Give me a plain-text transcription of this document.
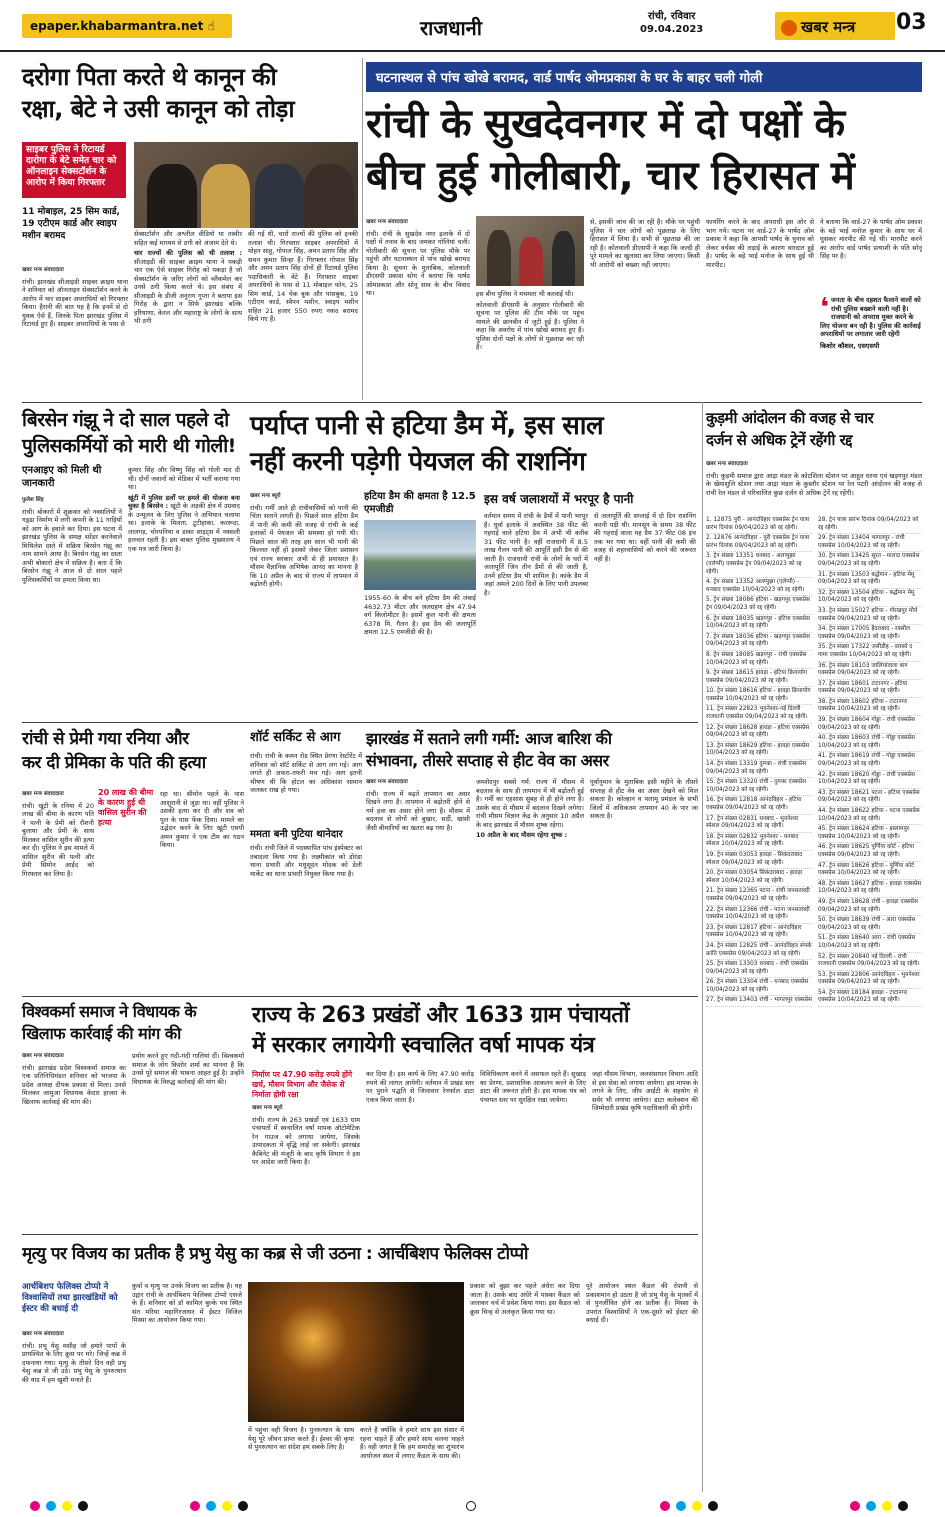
epaper.khabarmantra.net ☝	राजधानी	रांची, रविवार
09.04.2023	खबर मन्त्र	03
दरोगा पिता करते थे कानून की
रक्षा, बेटे ने उसी कानून को तोड़ा
साइबर पुलिस ने रिटायर्ड दारोगा के बेटे समेत चार को ऑनलाइन सेक्सटॉर्शन के आरोप में किया गिरफ्तार
11 मोबाइल, 25 सिम कार्ड, 19 एटीएम कार्ड और स्वाइप मशीन बरामद
खबर मन्त्र संवाददाता

रांची। झारखंड सीआइडी साइबर क्राइम थाना ने शनिवार को ऑनलाइन सेक्सटॉर्शन करने के आरोप में चार साइबर अपराधियों को गिरफ्तार किया। हैरानी की बात यह है कि इनमें से दो युवक ऐसे हैं, जिनके पिता झारखंड पुलिस में रिटायर्ड हुए हैं। साइबर अपराधियों के पास से

सेक्सटॉर्शन और अश्लील वीडियो या तस्वीर सहित कई माध्यम से ठगी को अंजाम देते थे।

चार राज्यों की पुलिस को थी तलाश : सीआइडी की साइबर क्राइम थाना ने पकड़ी चार एक ऐसे साइबर गिरोह को पकड़ा है जो सेक्सटॉर्शन के जरिए लोगों को ब्लैकमेल कर उनसे ठगी किया करते थे। इस संबंध में सीआइडी के डीजी अनुराग गुप्ता ने बताया इस गिरोह के द्वारा न सिर्फ झारखंड बल्कि हरियाणा, केरल और महाराष्ट्र के लोगों के साथ भी ठगी

की गई थी, चारों राज्यों की पुलिस को इनकी तलाश थी। गिरफ्तार साइबर अपराधियों में मोहन साहू, गोपाल सिंह, अमन प्रताप सिंह और सचन कुमार सिन्हा हैं। गिरफ्तार गोपाल सिंह और अमन प्रताप सिंह दोनों ही रिटायर्ड पुलिस पदाधिकारी के बेटे हैं। गिरफ्तार साइबर अपराधियों के पास से 11 मोबाइल फोन, 25 सिम कार्ड, 14 चेक बुक और पासबुक, 19 एटीएम कार्ड, स्वैपन मशीन, स्वाइप मशीन सहित 21 हजार 550 रुपए नकद बरामद किये गए हैं।

घटनास्थल से पांच खोखे बरामद, वार्ड पार्षद ओमप्रकाश के घर के बाहर चली गोली
रांची के सुखदेवनगर में दो पक्षों के
बीच हुई गोलीबारी, चार हिरासत में
खबर मन्त्र संवाददाता

रांची। रांची के सुखदेव नगर इलाके में दो पक्षों में तनाव के बाद जमकर गोलियां चलीं। गोलीबारी की सूचना पर पुलिस मौके पर पहुंची और घटनास्थल से पांच खोखे बरामद किया है। सूचना के मुताबिक, कोतवाली डीएसपी प्रकाश सोय ने बताया कि पार्षद ओमप्रकाश और सोनू साव के बीच विवाद था।	इस बीच पुलिस ने मचमता भी करवाई थी।

कोतवाली डीएसपी के अनुसार गोलीबारी की सूचना पर पुलिस की टीम मौके पर पहुंच मामले की छानबीन में जुटी हुई है। पुलिस ने कहा कि अवरोध में पांच खोखे बरामद हुए हैं। पुलिस दोनों पक्षों के लोगों से पूछताछ कर रही है।

से, इसकी जांच की जा रही है। मौके पर पहुंची पुलिस ने चार लोगों को पूछताछ के लिए हिरासत में लिया है। सभी से पूछताछ की जा रही है। कोतवाली डीएसपी ने कहा कि जल्दी ही पूरे मामले का खुलासा कर लिया जाएगा। किसी भी आरोपी को बख्शा नहीं जाएगा।

फायरिंग करने के बाद अपराधी इस ओर से भाग गये। घटना पर वार्ड-27 के पार्षद ओम प्रकाश ने कहा कि आपसी पार्षद के चुनाव को लेकर वर्चस्व की लड़ाई के कारण वारदात हुई है। पार्षद के बड़े भाई मनोज के साथ हुई थी मारपीट।

ने बताया कि वार्ड-27 के पार्षद ओम प्रकाश के बड़े भाई मनोज कुमार के साथ घर में घुसकर मारपीट की गई थी। मारपीट करने का आरोप वार्ड पार्षद प्रत्याशी के पति सोनू सिंह पर है।

❛ जनता के बीच दहशत फैलाने वालों को रांची पुलिस बख्शने वाली नहीं है। राजधानी को अपराध मुक्त करने के लिए योजना बन रही है। पुलिस की कार्रवाई अपराधियों पर लगातार जारी रहेगी
किशोर कौशल, एसएसपी
बिरसेन गंझू ने दो साल पहले दो
पुलिसकर्मियों को मारी थी गोली!
एनआइए को मिली थी जानकारी
फुलेश सिंह

रांची। बोकारो में शुक्रवार को नक्सलियों ने गड़्ढा निर्माण में लगी कंपनी के 11 गाड़ियों को आग के हवाले कर दिया। इस घटना में झारखंड पुलिस के समक्ष सरेंडर करनेवाले मिथिलेश दस्ते में सक्रिय बिरसेन गंझू का नाम सामने आया है। बिरसेन गंझू का दस्ता अभी बोकारो क्षेत्र में सक्रिय है। बता दें कि बिरसेन गंझू ने आज से दो साल पहले पुलिसकर्मियों पर हमला किया था।

कुमार सिंह और विष्णु सिंह को गोली मार दी थी। दोनों जवानों को मेडिका में भर्ती कराया गया था।

खूंटी में पुलिस डर्लों पर हमले की योजना बना चुका है बिरसेन : खूंटी के अड़की क्षेत्र में उग्रवाद के उन्मूलन के लिए पुलिस ने अभियान चलाया था। इलाके के मिलता, टुटीहाका, कररूदा, लालगड़, चोरपनिया व डाका साइट्स में नक्सली हलचल रहती है। इस बाबत पुलिस मुख्यालय ने एक पत्र जारी किया है।

पर्याप्त पानी से हटिया डैम में, इस साल
नहीं करनी पड़ेगी पेयजल की राशनिंग
खबर मन्त्र ब्यूरो

रांची। गर्मी आते ही रांचीवासियों को पानी की चिंता सताने लगती है। पिछले साल हटिया डैम में पानी की कमी की वजह से रांची के कई इलाकों में पेयजल की समस्या हो गयी थी। पिछले साल की तरह इस साल भी पानी की किल्लत नहीं हो इसको लेकर जिला प्रशासन एवं राज्य सरकार अभी से ही प्रयासरत है। मौसम वैज्ञानिक अभिषेक आनंद का मानना है कि 10 अप्रैल के बाद से राज्य में तापमान में बढ़ोतरी होगी।

हटिया डैम की क्षमता है 12.5 एमजीडी

1955-60 के बीच बने हटिया डैम की लंबाई 4632.73 मीटर और जलग्रहण क्षेत्र 47.94 वर्ग किलोमीटर है। इसमें कुल पानी की क्षमता 6378 मि. गैलन है। इस डैम की जलापूर्ति क्षमता 12.5 एमजीडी की है।

इस वर्ष जलाशयों में भरपूर है पानी

वर्तमान समय में रांची के डैमों में पानी भरपूर है। धुर्वा इलाके में अवस्थित 38 फीट की गहराई वाले हटिया डैम में अभी भी करीब 31 फीट पानी है। वहीं राजधानी में 8.5 लाख गैलन पानी की आपूर्ति इसी डैम से की जाती है। राजधानी रांची के लोगों के घरों में जलापूर्ति जिन तीन डैमों से की जाती है, उनमें हटिया डैम भी शामिल है। कांके डैम में जहां अमले 200 दिनों के लिए पानी उपलब्ध है।

से जलापूर्ति की सप्लाई में दो दिन राशनिंग करनी पड़ी थी। मानसून के समय 38 फीट की गहराई वाला यह डैम 37 फीट 08 इंच तक भर गया था। वहीं पानी की कमी की वजह से शहरवासियों को करने की जरूरत नहीं है।

रांची से प्रेमी गया रनिया और
कर दी प्रेमिका के पति की हत्या
20 लाख की बीमा के कारण हुई थी वासिल सुरीन की हत्या
खबर मन्त्र संवाददाता

रांची। खूंटी के रनिया में 20 लाख की बीमा के कारण पति ने पत्नी के प्रेमी को रौशनी बुलाया और प्रेमी के साथ मिलकर वासिल सुरीन की हत्या कर दी। पुलिस ने इस मामले में वासिल सुरीन की पत्नी और प्रेमी सिमोन आईंद को गिरफ्तार कर लिया है।

रहा था। सीमोन पहले के पास आशुरानी से जुड़ा था। वहीं पुलिस ने उसकी हत्या कर दी और शव को पुल के पास फेंक दिया। मामले का उद्भेदन करने के लिए खूंटी एसपी अमन कुमार ने एक टीम का गठन किया।

शॉर्ट सर्किट से आग

रांची। रांची के कमन रोड स्थित प्रेरणा रेस्टोरेंट में शनिवार को शॉर्ट सर्किट से आग लग गई। आग लगते ही अफरा-तफरी मच गई। आग इतनी भीषण थी कि होटल का अधिकांश सामान जलकर राख हो गया।

ममता बनी पुटिया थानेदार

रांची। रांची जिले में पदस्थापित पांच इंस्पेक्टर का तबादला किया गया है। लक्ष्मीकांत को डोरंडा थाना प्रभारी और मधुसूदन मोदक को डेली मार्केट का थाना प्रभारी नियुक्त किया गया है।

झारखंड में सताने लगी गर्मी: आज बारिश की
संभावना, तीसरे सप्ताह से हीट वेव का असर
खबर मन्त्र संवाददाता

रांची। राज्य में बढ़ते तापमान का असर दिखने लगा है। तापमान में बढ़ोतरी होने से गर्म हवा का असर होने लगा है। मौसम में बदलाव से लोगों को बुखार, सर्दी, खांसी जैसी बीमारियों का खतरा बढ़ गया है।

जमशेदपुर सबसे गर्म: राज्य में मौसम में बदलाव के साथ ही तापमान में भी बढ़ोतरी हुई है। गर्मी का एहसास सुबह से ही होने लगा है। उसके बाद से मौसम में बदलाव दिखने लगेगा। रांची मौसम विज्ञान केंद्र के अनुसार 10 अप्रैल के बाद झारखंड में मौसम शुष्क रहेगा।

10 अप्रैल के बाद मौसम रहेगा शुष्क :

पूर्वानुमान के मुताबिक इसी महीने के तीसरे सप्ताह से हीट वेव का असर देखने को मिल सकता है। कोल्हान व पलामू प्रमंडल के सभी जिलों में अधिकतम तापमान 40 के पार जा सकता है।

कुड़मी आंदोलन की वजह से चार
दर्जन से अधिक ट्रेनें रहेंगी रद्द
खबर मन्त्र संवाददाता

रांची। कुड़मी समाज द्वारा आद्रा मंडल के कोटशिला स्टेशन पर आहूत धरना एवं खड़गपुर मंडल के खेमाशुलि स्टेशन तथा आद्रा मंडल के कुस्तौर स्टेशन पर रेल पटरी आंदोलन की वजह से रांची रेल मंडल से परिचालित कुछ दर्जन से अधिक ट्रेनें रद्द रहेंगी।

1. 12875 पुरी - आनंदविहार एक्सप्रेस ट्रेन यात्रा प्रारंभ दिनांक 09/04/2023 को रद्द रहेगी।
2. 12876 आनंदविहार - पुरी एक्सप्रेस ट्रेन यात्रा प्रारंभ दिनांक 09/04/2023 को रद्द रहेगी।
3. ट्रेन संख्या 13351 धनबाद - अलप्पुझा (एलेप्पी) एक्सप्रेस ट्रेन 09/04/2023 को रद्द रहेगी।
4. ट्रेन संख्या 13352 अलप्पुझा (एलेप्पी) - धनबाद एक्सप्रेस 10/04/2023 को रद्द रहेगी।
5. ट्रेन संख्या 18086 हटिया - खड़गपुर एक्सप्रेस ट्रेन 09/04/2023 को रद्द रहेगी।
6. ट्रेन संख्या 18035 खड़गपुर - हटिया एक्सप्रेस 10/04/2023 को रद्द रहेगी।
7. ट्रेन संख्या 18036 हटिया - खड़गपुर एक्सप्रेस 09/04/2023 को रद्द रहेगी।
8. ट्रेन संख्या 18085 खड़गपुर - रांची एक्सप्रेस 10/04/2023 को रद्द रहेगी।
9. ट्रेन संख्या 18615 हावड़ा - हटिया क्रियायोग एक्सप्रेस 09/04/2023 को रद्द रहेगी।
10. ट्रेन संख्या 18616 हटिया - हावड़ा क्रियायोग एक्सप्रेस 10/04/2023 को रद्द रहेगी।
11. ट्रेन संख्या 22823 भुवनेश्वर-नई दिल्ली राजधानी एक्सप्रेस 09/04/2023 को रद्द रहेगी।
12. ट्रेन संख्या 18628 हावड़ा - हटिया एक्सप्रेस 09/04/2023 को रद्द रहेगी।
13. ट्रेन संख्या 18629 हटिया - हावड़ा एक्सप्रेस 10/04/2023 को रद्द रहेगी।
14. ट्रेन संख्या 13319 दुमका - रांची एक्सप्रेस 09/04/2023 को रद्द रहेगी।
15. ट्रेन संख्या 13320 रांची - दुमका एक्सप्रेस 10/04/2023 को रद्द रहेगी।
16. ट्रेन संख्या 12818 आनंदविहार - हटिया एक्सप्रेस 09/04/2023 को रद्द रहेगी।
17. ट्रेन संख्या 02831 धनबाद - भुवनेश्वर स्पेशल 09/04/2023 को रद्द रहेगी।
18. ट्रेन संख्या 02832 भुवनेश्वर - धनबाद स्पेशल 10/04/2023 को रद्द रहेगी।
19. ट्रेन संख्या 03053 हावड़ा - सिकंदराबाद स्पेशल 09/04/2023 को रद्द रहेगी।
20. ट्रेन संख्या 03054 सिकंदराबाद - हावड़ा स्पेशल 10/04/2023 को रद्द रहेगी।
21. ट्रेन संख्या 12365 पटना - रांची जनशताब्दी एक्सप्रेस 09/04/2023 को रद्द रहेगी।
22. ट्रेन संख्या 12366 रांची - पटना जनशताब्दी एक्सप्रेस 10/04/2023 को रद्द रहेगी।
23. ट्रेन संख्या 12817 हटिया - आनंदविहार एक्सप्रेस 10/04/2023 को रद्द रहेगी।
24. ट्रेन संख्या 12825 रांची - आनंदविहार संपर्क क्रांति एक्सप्रेस 09/04/2023 को रद्द रहेगी।
25. ट्रेन संख्या 13303 धनबाद - रांची एक्सप्रेस 09/04/2023 को रद्द रहेगी।
26. ट्रेन संख्या 13304 रांची - धनबाद एक्सप्रेस 10/04/2023 को रद्द रहेगी।
27. ट्रेन संख्या 13403 रांची - भागलपुर एक्सप्रेस
28. ट्रेन यात्रा प्रारंभ दिनांक 09/04/2023 को रद्द रहेगी।
29. ट्रेन संख्या 13404 भागलपुर - रांची एक्सप्रेस 10/04/2023 को रद्द रहेगी।
30. ट्रेन संख्या 13425 सूरत - मालदा एक्सप्रेस 09/04/2023 को रद्द रहेगी।
31. ट्रेन संख्या 13503 बर्द्धमान - हटिया मेमू 09/04/2023 को रद्द रहेगी।
32. ट्रेन संख्या 13504 हटिया - बर्द्धमान मेमू 10/04/2023 को रद्द रहेगी।
33. ट्रेन संख्या 15027 हटिया - गोरखपुर मौर्य एक्सप्रेस 09/04/2023 को रद्द रहेगी।
34. ट्रेन संख्या 17005 हैदराबाद - रक्सौल एक्सप्रेस 09/04/2023 को रद्द रहेगी।
35. ट्रेन संख्या 17322 जसीडीह - वास्को द गामा एक्सप्रेस 10/04/2023 को रद्द रहेगी।
36. ट्रेन संख्या 18103 जालियांवाला बाग एक्सप्रेस 09/04/2023 को रद्द रहेगी।
37. ट्रेन संख्या 18601 टाटानगर - हटिया एक्सप्रेस 09/04/2023 को रद्द रहेगी।
38. ट्रेन संख्या 18602 हटिया - टाटानगर एक्सप्रेस 10/04/2023 को रद्द रहेगी।
39. ट्रेन संख्या 18604 गोड्डा - रांची एक्सप्रेस 09/04/2023 को रद्द रहेगी।
40. ट्रेन संख्या 18603 रांची - गोड्डा एक्सप्रेस 10/04/2023 को रद्द रहेगी।
41. ट्रेन संख्या 18619 रांची - गोड्डा एक्सप्रेस 09/04/2023 को रद्द रहेगी।
42. ट्रेन संख्या 18620 गोड्डा - रांची एक्सप्रेस 10/04/2023 को रद्द रहेगी।
43. ट्रेन संख्या 18621 पटना - हटिया एक्सप्रेस 09/04/2023 को रद्द रहेगी।
44. ट्रेन संख्या 18622 हटिया - पटना एक्सप्रेस 10/04/2023 को रद्द रहेगी।
45. ट्रेन संख्या 18624 हटिया - इस्लामपुर एक्सप्रेस 10/04/2023 को रद्द रहेगी।
46. ट्रेन संख्या 18625 पूर्णिया कोर्ट - हटिया एक्सप्रेस 09/04/2023 को रद्द रहेगी।
47. ट्रेन संख्या 18626 हटिया - पूर्णिया कोर्ट एक्सप्रेस 10/04/2023 को रद्द रहेगी।
48. ट्रेन संख्या 18627 हटिया - हावड़ा एक्सप्रेस 10/04/2023 को रद्द रहेगी।
49. ट्रेन संख्या 18628 रांची - हावड़ा एक्सप्रेस 09/04/2023 को रद्द रहेगी।
50. ट्रेन संख्या 18639 रांची - आरा एक्सप्रेस 09/04/2023 को रद्द रहेगी।
51. ट्रेन संख्या 18640 आरा - रांची एक्सप्रेस 10/04/2023 को रद्द रहेगी।
52. ट्रेन संख्या 20840 नई दिल्ली - रांची राजधानी एक्सप्रेस 09/04/2023 को रद्द रहेगी।
53. ट्रेन संख्या 22806 आनंदविहार - भुवनेश्वर एक्सप्रेस 09/04/2023 को रद्द रहेगी।
54. ट्रेन संख्या 18184 हावड़ा - टाटानगर एक्सप्रेस 10/04/2023 को रद्द रहेगी।
विश्वकर्मा समाज ने विधायक के
खिलाफ कार्रवाई की मांग की
खबर मन्त्र संवाददाता

रांची। झारखंड प्रदेश विश्वकर्मा समाज का एक प्रतिनिधिमंडल शनिवार को भाजपा के प्रदेश अध्यक्ष दीपक प्रकाश से मिला। उनसे मिलकर जामुआ विधायक केदार हाजरा के खिलाफ कार्रवाई की मांग की।

प्रयोग करने हुए गंदी-गंदी गालियां दीं। विश्वकर्मा समाज के लोग किशोर शर्मा का मानना है कि उनसे पूरे समाज की भावना आहत हुई है। उन्होंने विधायक के विरुद्ध कार्रवाई की मांग की।

राज्य के 263 प्रखंडों और 1633 ग्राम पंचायतों
में सरकार लगायेगी स्वचालित वर्षा मापक यंत्र
निर्माण पर 47.90 करोड़ रुपये होंगे खर्च, मौसम विभाग और जैसेक से निर्माता होगी रक्षा
खबर मन्त्र ब्यूरो

रांची। राज्य के 263 प्रखंडों एवं 1633 ग्राम पंचायतों में स्वचालित वर्षा मापक ऑटोमेटिक रेन गाउज को लगाया जायेगा, जिसके उत्पादकता में वृद्धि लाई जा सकेगी। झारखंड कैबिनेट की मंजूरी के बाद कृषि विभाग ने इस पर आदेश जारी किया है।

कर दिया है। इस कार्य के लिए 47.90 करोड़ रुपये की लागत आयेगी। वर्तमान में प्रखंड स्तर पर पुराने पद्धति से जिलावार रेनफॉल डाटा एकत्र किया जाता है।

विविधिकरण करने में असफल रहते हैं। सुखाड़ का प्रेरणा, प्रशासनिक आकलन करने के लिए डाटा की जरूरत होती है। इस मापक यंत्र को पंचायत स्तर पर सुरक्षित रखा जायेगा।

जहां मौसम विभाग, जलसंसाधन विभाग आदि से इस सेवा को लगाया जायेगा। इस मापक के लगने के लिए, जीप आईटी के सहयोग से सर्वर भी लगाया जायेगा। डाटा कलेक्शन की जिम्मेदारी प्रखंड कृषि पदाधिकारी की होगी।

मृत्यु पर विजय का प्रतीक है प्रभु येसु का कब्र से जी उठना : आर्चबिशप फेलिक्स टोप्पो
आर्चबिशप फेलिक्स टोप्पो ने विश्वासियों तथा झारखंडियों को ईस्टर की बधाई दी
खबर मन्त्र संवाददाता

रांची। प्रभु येसु मसीह जो हमारे पापों के प्रायश्चित के लिए क्रूस पर मरे। जिन्हें कब्र में दफनाया गया। मृत्यु के तीसरे दिन वही प्रभु येसु कब्र से जी उठे। प्रभु येसु के पुनरुत्थान की याद में हम खुशी मनाते हैं।

कुर्वा व मृत्यु पर उनके विजय का प्रतीक है। यह उद्गार रांची के आर्चबिशप फेलिक्स टोप्पो एसजे के हैं। शनिवार को डॉ कामिल बुल्के पथ स्थित संत मरिया महागिरजाघर में ईस्टर विजिल मिस्सा का आयोजन किया गया।

में पहुंचा वही विजय है। पुनरुत्थान के साथ येसु पूरे जीवन प्राप्त करते हैं। ईश्वर की कृपा से पुनरुत्थान का संदेश हम सबके लिए है।

करते है क्योंकि वे हमारे साथ इस संसार में रहना चाहते हैं और हमारे साथ चलना चाहते हैं। वही जगत है कि हम समारोह का शुभारंभ आयोजन स्थल में लगाए कैंडल के साथ की।

प्रकाश को बुझा कर पहले अंधेरा कर दिया जाता है। उसके बाद अंधेरे में पास्का कैंडल को जलाकर चर्च में प्रवेश किया गया। इस कैंडल को क्रूस चिन्ह से अलंकृत किया गया था।

पूरे आयोजन स्थल कैंडल की रोशनी से प्रकाशमान हो उठता है जो प्रभु येसु के मृतकों में से पुनर्जीवित होने का प्रतीक है। मिस्सा के उपरांत विश्वासियों ने एक-दूसरे को ईस्टर की बधाई दी।
